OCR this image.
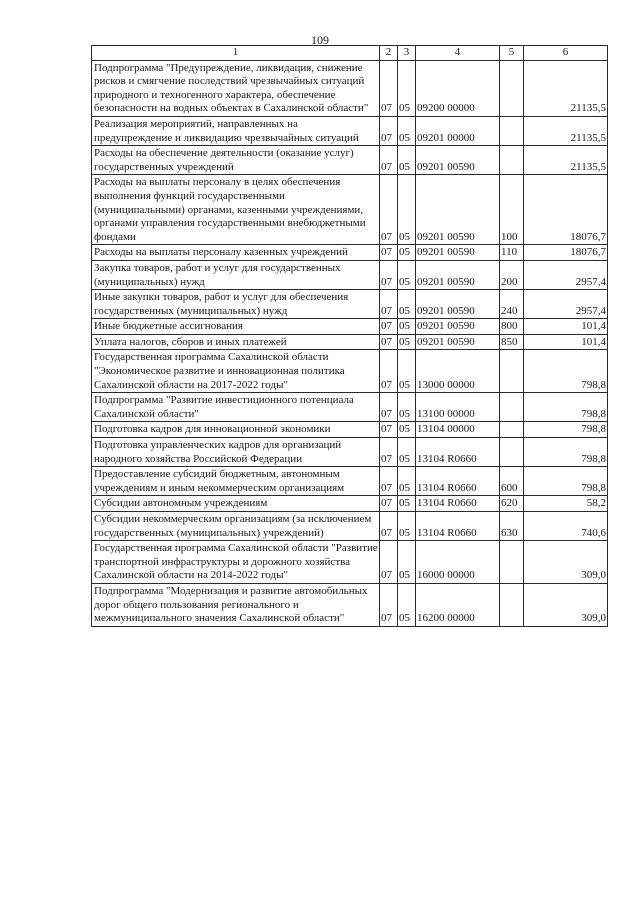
109
1	2	3	4	5	6
Подпрограмма "Предупреждение, ликвидация, снижение рисков и смягчение последствий чрезвычайных ситуаций природного и техногенного характера, обеспечение безопасности на водных объектах в Сахалинской области"	07	05	09200 00000		21135,5
Реализация мероприятий, направленных на предупреждение и ликвидацию чрезвычайных ситуаций	07	05	09201 00000		21135,5
Расходы на обеспечение деятельности (оказание услуг) государственных учреждений	07	05	09201 00590		21135,5
Расходы на выплаты персоналу в целях обеспечения выполнения функций государственными (муниципальными) органами, казенными учреждениями, органами управления государственными внебюджетными фондами	07	05	09201 00590	100	18076,7
Расходы на выплаты персоналу казенных учреждений	07	05	09201 00590	110	18076,7
Закупка товаров, работ и услуг для государственных (муниципальных) нужд	07	05	09201 00590	200	2957,4
Иные закупки товаров, работ и услуг для обеспечения государственных (муниципальных) нужд	07	05	09201 00590	240	2957,4
Иные бюджетные ассигнования	07	05	09201 00590	800	101,4
Уплата налогов, сборов и иных платежей	07	05	09201 00590	850	101,4
Государственная программа Сахалинской области "Экономическое развитие и инновационная политика Сахалинской области на 2017-2022 годы"	07	05	13000 00000		798,8
Подпрограмма "Развитие инвестиционного потенциала Сахалинской области"	07	05	13100 00000		798,8
Подготовка кадров для инновационной экономики	07	05	13104 00000		798,8
Подготовка управленческих кадров для организаций народного хозяйства Российской Федерации	07	05	13104 R0660		798,8
Предоставление субсидий бюджетным, автономным учреждениям и иным некоммерческим организациям	07	05	13104 R0660	600	798,8
Субсидии автономным учреждениям	07	05	13104 R0660	620	58,2
Субсидии некоммерческим организациям (за исключением государственных (муниципальных) учреждений)	07	05	13104 R0660	630	740,6
Государственная программа Сахалинской области "Развитие транспортной инфраструктуры и дорожного хозяйства Сахалинской области на 2014-2022 годы"	07	05	16000 00000		309,0
Подпрограмма "Модернизация и развитие автомобильных дорог общего пользования регионального и межмуниципального значения Сахалинской области"	07	05	16200 00000		309,0
